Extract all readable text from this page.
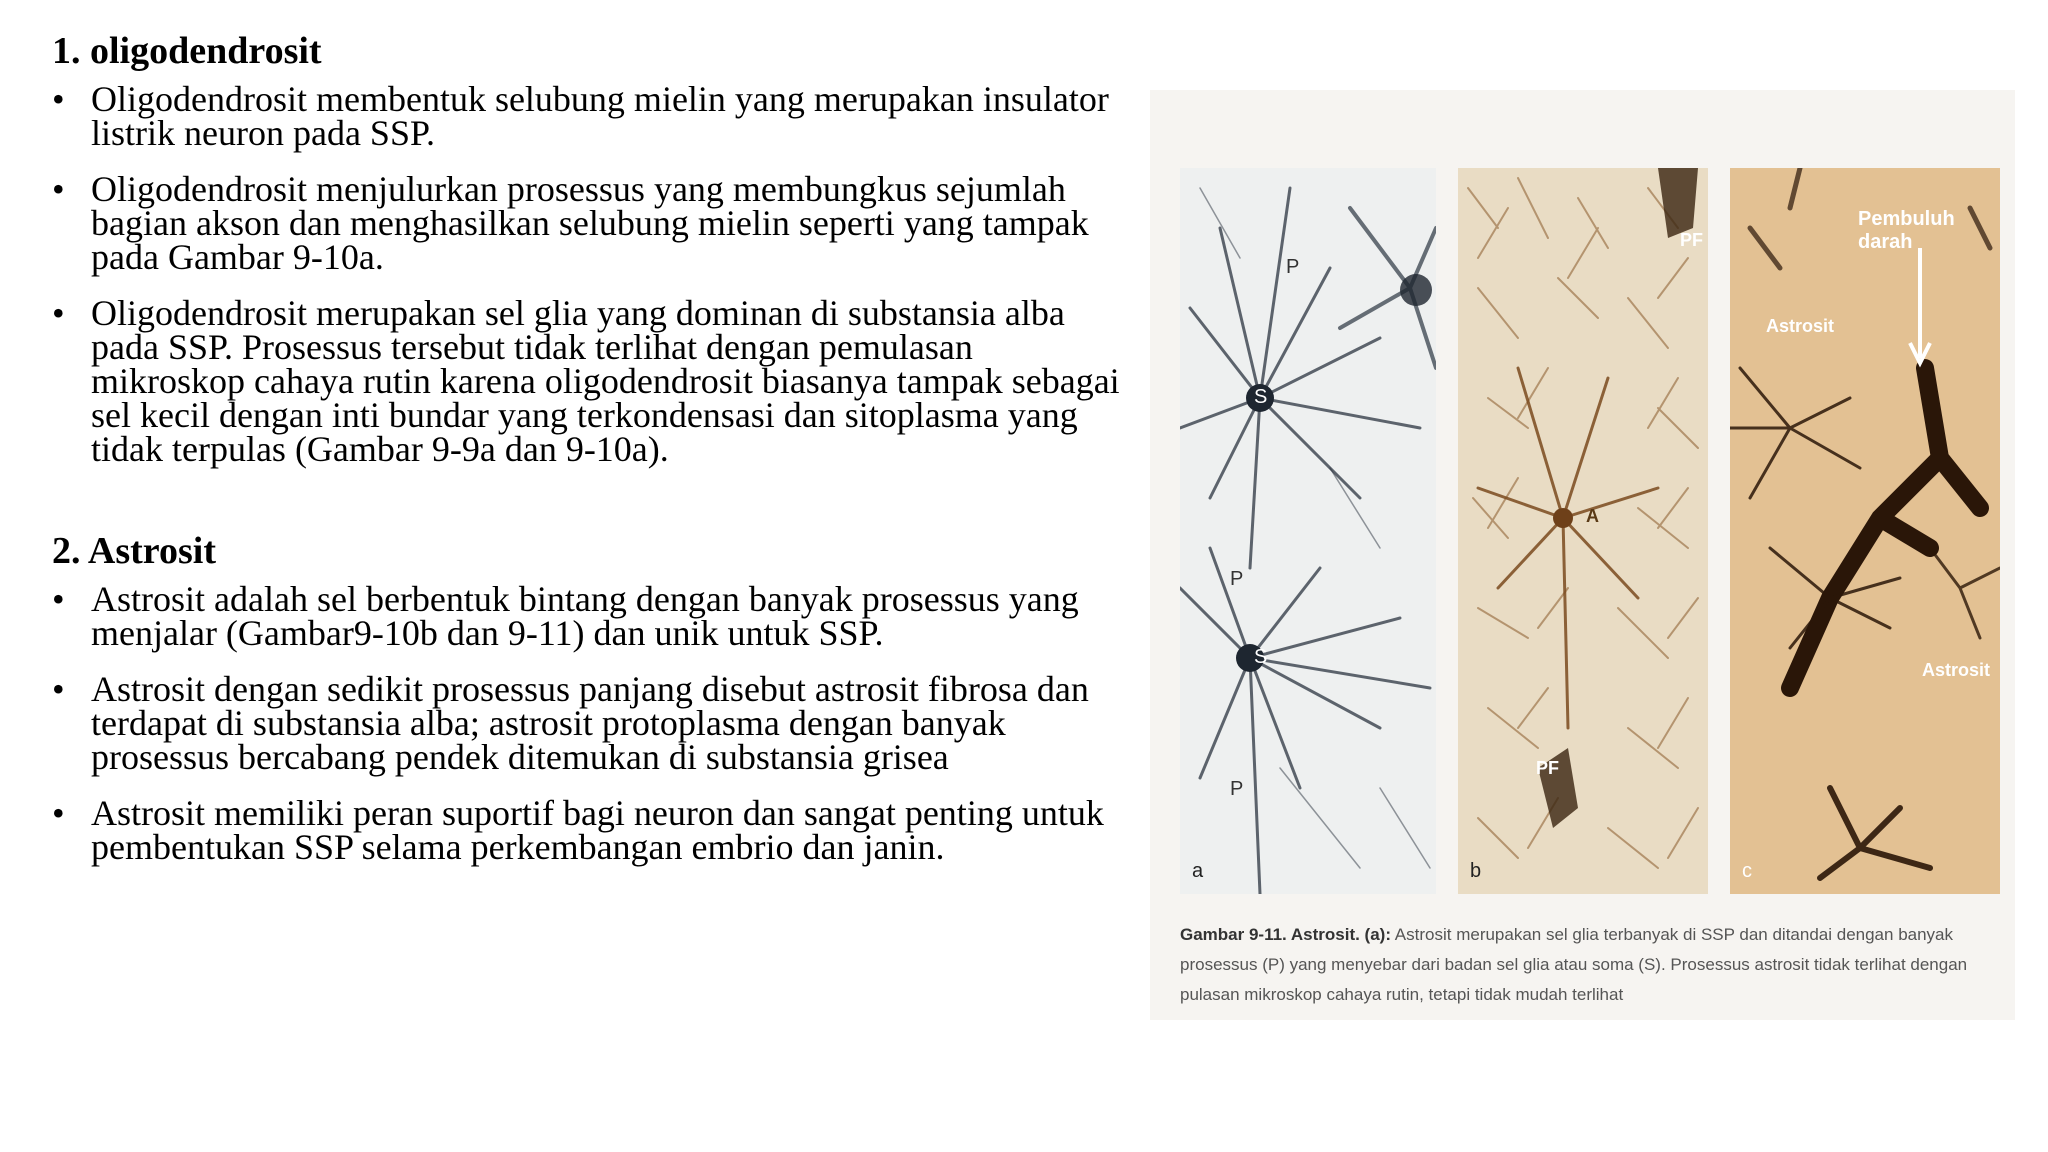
1. oligodendrosit
• Oligodendrosit membentuk selubung mielin yang merupakan insulator listrik neuron pada SSP.
• Oligodendrosit menjulurkan prosessus yang membungkus sejumlah bagian akson dan menghasilkan selubung mielin seperti yang tampak pada Gambar 9-10a.
• Oligodendrosit merupakan sel glia yang dominan di substansia alba pada SSP. Prosessus tersebut tidak terlihat dengan pemulasan mikroskop cahaya rutin karena oligodendrosit biasanya tampak sebagai sel kecil dengan inti bundar yang terkondensasi dan sitoplasma yang tidak terpulas (Gambar 9-9a dan 9-10a).
2. Astrosit
• Astrosit adalah sel berbentuk bintang dengan banyak prosessus yang menjalar (Gambar9-10b dan 9-11) dan unik untuk SSP.
• Astrosit dengan sedikit prosessus panjang disebut astrosit fibrosa dan terdapat di substansia alba; astrosit protoplasma dengan banyak prosessus bercabang pendek ditemukan di substansia grisea
• Astrosit memiliki peran suportif bagi neuron dan sangat penting untuk pembentukan SSP selama perkembangan embrio dan janin.
P
S
P
S
P
a
PF
A
PF
b
Pembuluh darah
Astrosit
Astrosit
c
Gambar 9-11. Astrosit. (a): Astrosit merupakan sel glia terbanyak di SSP dan ditandai dengan banyak prosessus (P) yang menyebar dari badan sel glia atau soma (S). Prosessus astrosit tidak terlihat dengan pulasan mikroskop cahaya rutin, tetapi tidak mudah terlihat
